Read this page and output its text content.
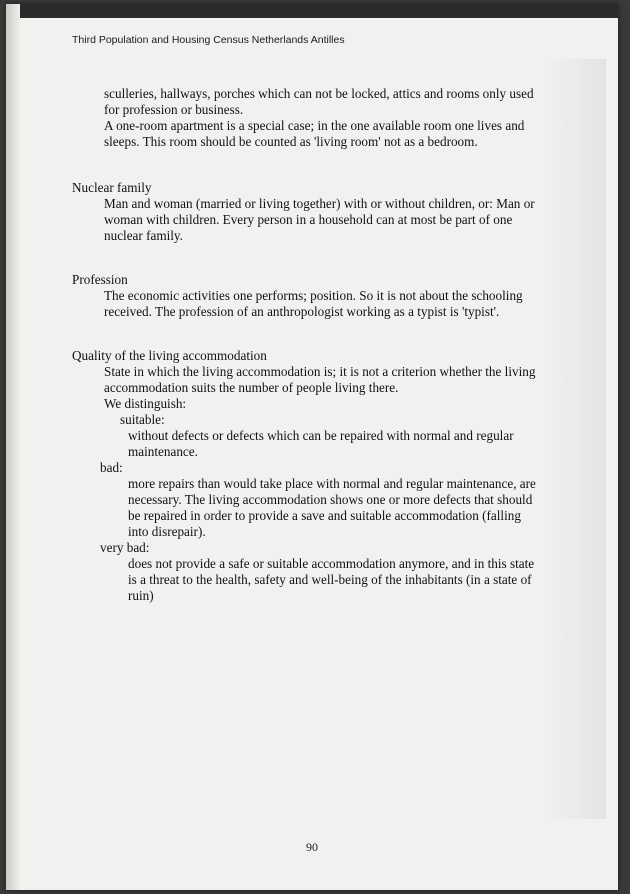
Third Population and Housing Census Netherlands Antilles

sculleries, hallways, porches which can not be locked, attics and rooms only used for profession or business.

A one-room apartment is a special case; in the one available room one lives and sleeps. This room should be counted as 'living room' not as a bedroom.

Nuclear family

Man and woman (married or living together) with or without children, or: Man or woman with children. Every person in a household can at most be part of one nuclear family.

Profession

The economic activities one performs; position. So it is not about the schooling received. The profession of an anthropologist working as a typist is 'typist'.

Quality of the living accommodation

State in which the living accommodation is; it is not a criterion whether the living accommodation suits the number of people living there.

We distinguish:

suitable:

without defects or defects which can be repaired with normal and regular maintenance.

bad:

more repairs than would take place with normal and regular maintenance, are necessary. The living accommodation shows one or more defects that should be repaired in order to provide a save and suitable accommodation (falling into disrepair).

very bad:

does not provide a safe or suitable accommodation anymore, and in this state is a threat to the health, safety and well-being of the inhabitants (in a state of ruin)

90
